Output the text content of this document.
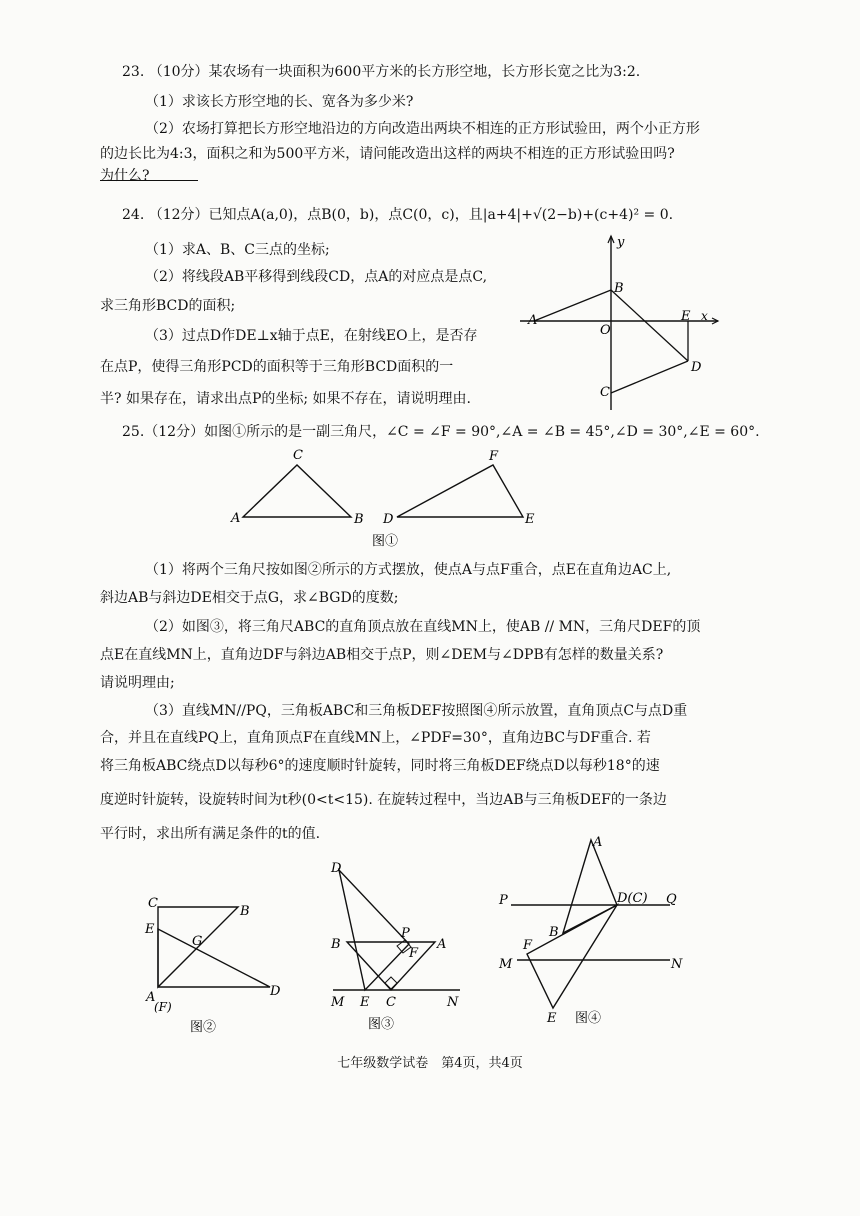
23. （10分）某农场有一块面积为600平方米的长方形空地，长方形长宽之比为3:2.
（1）求该长方形空地的长、宽各为多少米?
（2）农场打算把长方形空地沿边的方向改造出两块不相连的正方形试验田，两个小正方形
的边长比为4:3，面积之和为500平方米，请问能改造出这样的两块不相连的正方形试验田吗?
为什么?
24. （12分）已知点A(a,0)，点B(0，b)，点C(0，c)，且|a+4|+√(2−b)+(c+4)² = 0.
（1）求A、B、C三点的坐标;
（2）将线段AB平移得到线段CD，点A的对应点是点C,
求三角形BCD的面积;
（3）过点D作DE⊥x轴于点E，在射线EO上，是否存
在点P，使得三角形PCD的面积等于三角形BCD面积的一
半? 如果存在，请求出点P的坐标; 如果不存在，请说明理由.
y
x
B
A
O
E
D
C
25.（12分）如图①所示的是一副三角尺，∠C = ∠F = 90°,∠A = ∠B = 45°,∠D = 30°,∠E = 60°.
C
A	B
F
D	E
图①
（1）将两个三角尺按如图②所示的方式摆放，使点A与点F重合，点E在直角边AC上,
斜边AB与斜边DE相交于点G，求∠BGD的度数;
（2）如图③，将三角尺ABC的直角顶点放在直线MN上，使AB // MN，三角尺DEF的顶
点E在直线MN上，直角边DF与斜边AB相交于点P，则∠DEM与∠DPB有怎样的数量关系?
请说明理由;
（3）直线MN//PQ，三角板ABC和三角板DEF按照图④所示放置，直角顶点C与点D重
合，并且在直线PQ上，直角顶点F在直线MN上，∠PDF=30°，直角边BC与DF重合. 若
将三角板ABC绕点D以每秒6°的速度顺时针旋转，同时将三角板DEF绕点D以每秒18°的速
度逆时针旋转，设旋转时间为t秒(0<t<15). 在旋转过程中，当边AB与三角板DEF的一条边
平行时，求出所有满足条件的t的值.
C
B
E
G
A
(F)
D
图②
D
B
P
A
F
M E C	N
图③
A
P	D(C) Q
B
F
M	N
E 图④
七年级数学试卷　第4页，共4页
